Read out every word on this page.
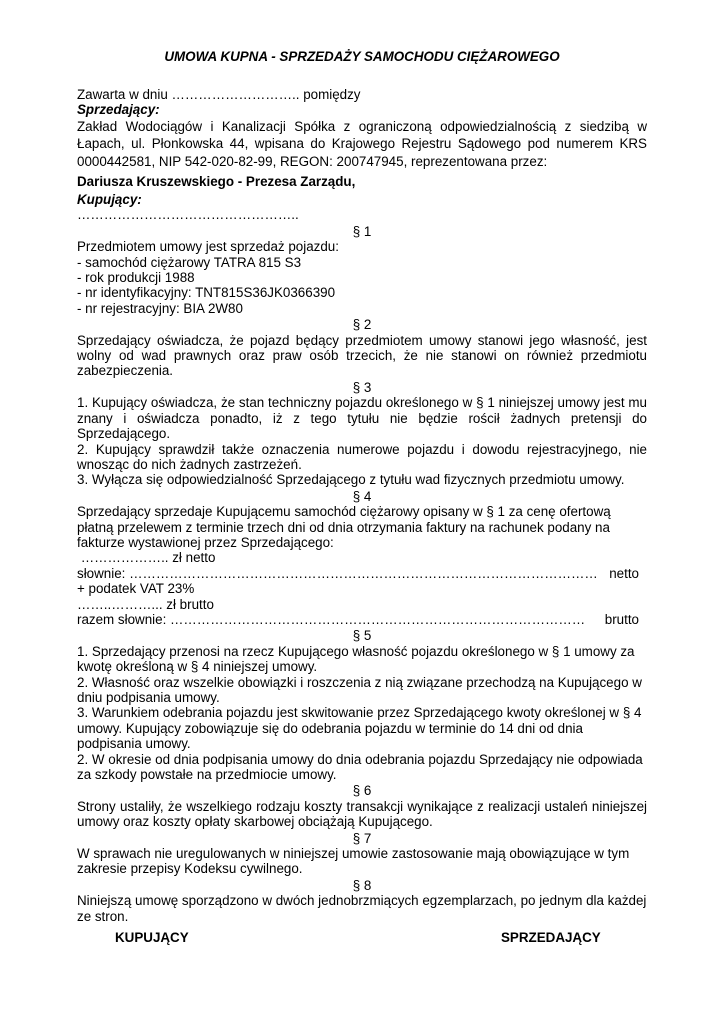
UMOWA KUPNA - SPRZEDAŻY SAMOCHODU CIĘŻAROWEGO

Zawarta w dniu ……………………….. pomiędzy

Sprzedający:

Zakład Wodociągów i Kanalizacji Spółka z ograniczoną odpowiedzialnością z siedzibą w Łapach, ul. Płonkowska 44, wpisana do Krajowego Rejestru Sądowego pod numerem KRS 0000442581, NIP 542-020-82-99, REGON: 200747945, reprezentowana przez:

Dariusza Kruszewskiego - Prezesa Zarządu,

Kupujący:

…………………………………………..

§ 1

Przedmiotem umowy jest sprzedaż pojazdu:

- samochód ciężarowy TATRA 815 S3

- rok produkcji 1988

- nr identyfikacyjny: TNT815S36JK0366390

- nr rejestracyjny: BIA 2W80

§ 2

Sprzedający oświadcza, że pojazd będący przedmiotem umowy stanowi jego własność, jest wolny od wad prawnych oraz praw osób trzecich, że nie stanowi on również przedmiotu zabezpieczenia.

§ 3

1. Kupujący oświadcza, że stan techniczny pojazdu określonego w § 1 niniejszej umowy jest mu znany i oświadcza ponadto, iż z tego tytułu nie będzie rościł żadnych pretensji do Sprzedającego.

2. Kupujący sprawdził także oznaczenia numerowe pojazdu i dowodu rejestracyjnego, nie wnosząc do nich żadnych zastrzeżeń.

3. Wyłącza się odpowiedzialność Sprzedającego z tytułu wad fizycznych przedmiotu umowy.

§ 4

Sprzedający sprzedaje Kupującemu samochód ciężarowy opisany w § 1 za cenę ofertową

płatną przelewem z terminie trzech dni od dnia otrzymania faktury na rachunek podany na

fakturze wystawionej przez Sprzedającego:

……………….. zł netto

słownie: …………………………………………………………………………………………… netto

+ podatek VAT 23%

……..………... zł brutto

razem słownie: ………………………………………………………………………………… brutto

§ 5

1. Sprzedający przenosi na rzecz Kupującego własność pojazdu określonego w § 1 umowy za

kwotę określoną w § 4 niniejszej umowy.

2. Własność oraz wszelkie obowiązki i roszczenia z nią związane przechodzą na Kupującego w

dniu podpisania umowy.

3. Warunkiem odebrania pojazdu jest skwitowanie przez Sprzedającego kwoty określonej w § 4

umowy. Kupujący zobowiązuje się do odebrania pojazdu w terminie do 14 dni od dnia

podpisania umowy.

2. W okresie od dnia podpisania umowy do dnia odebrania pojazdu Sprzedający nie odpowiada

za szkody powstałe na przedmiocie umowy.

§ 6

Strony ustaliły, że wszelkiego rodzaju koszty transakcji wynikające z realizacji ustaleń niniejszej umowy oraz koszty opłaty skarbowej obciążają Kupującego.

§ 7

W sprawach nie uregulowanych w niniejszej umowie zastosowanie mają obowiązujące w tym

zakresie przepisy Kodeksu cywilnego.

§ 8

Niniejszą umowę sporządzono w dwóch jednobrzmiących egzemplarzach, po jednym dla każdej

ze stron.

KUPUJĄCY	SPRZEDAJĄCY
